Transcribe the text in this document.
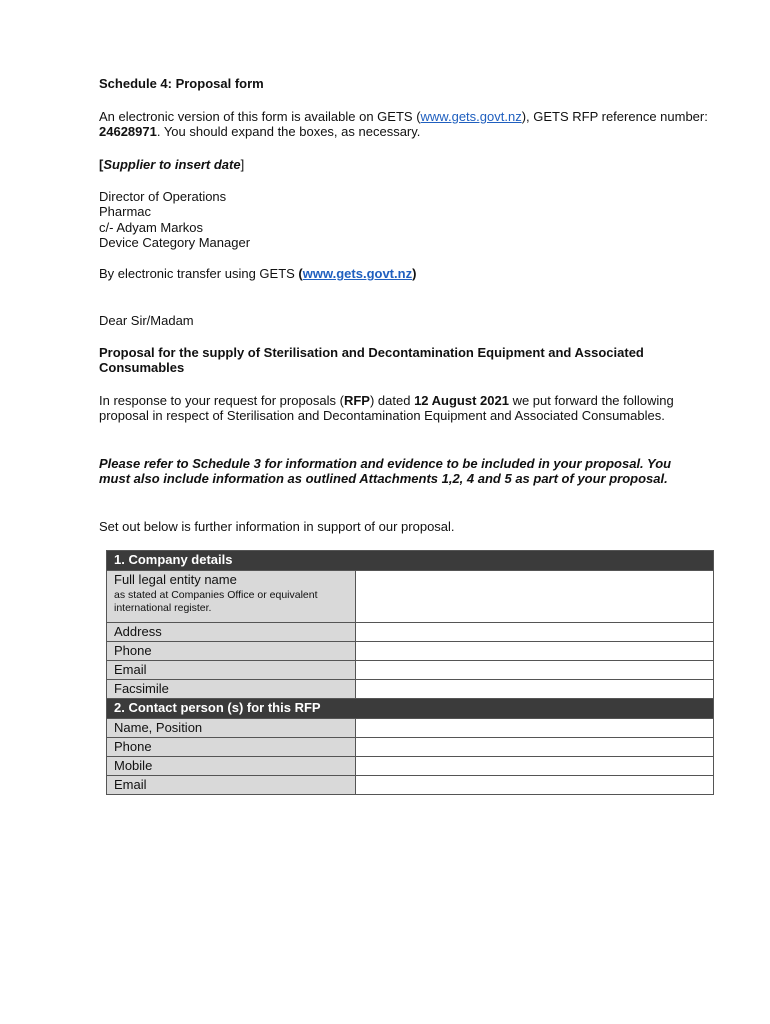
Schedule 4: Proposal form
An electronic version of this form is available on GETS (www.gets.govt.nz), GETS RFP reference number: 24628971. You should expand the boxes, as necessary.
[Supplier to insert date]
Director of Operations
Pharmac
c/- Adyam Markos
Device Category Manager
By electronic transfer using GETS (www.gets.govt.nz)
Dear Sir/Madam
Proposal for the supply of Sterilisation and Decontamination Equipment and Associated Consumables
In response to your request for proposals (RFP) dated 12 August 2021 we put forward the following proposal in respect of Sterilisation and Decontamination Equipment and Associated Consumables.
Please refer to Schedule 3 for information and evidence to be included in your proposal. You must also include information as outlined Attachments 1,2, 4 and 5 as part of your proposal.
Set out below is further information in support of our proposal.
1. Company details	
Full legal entity name
as stated at Companies Office or equivalent international register.	

Address	
Phone	
Email	
Facsimile	
2. Contact person (s) for this RFP	
Name, Position	
Phone	
Mobile	
Email	
